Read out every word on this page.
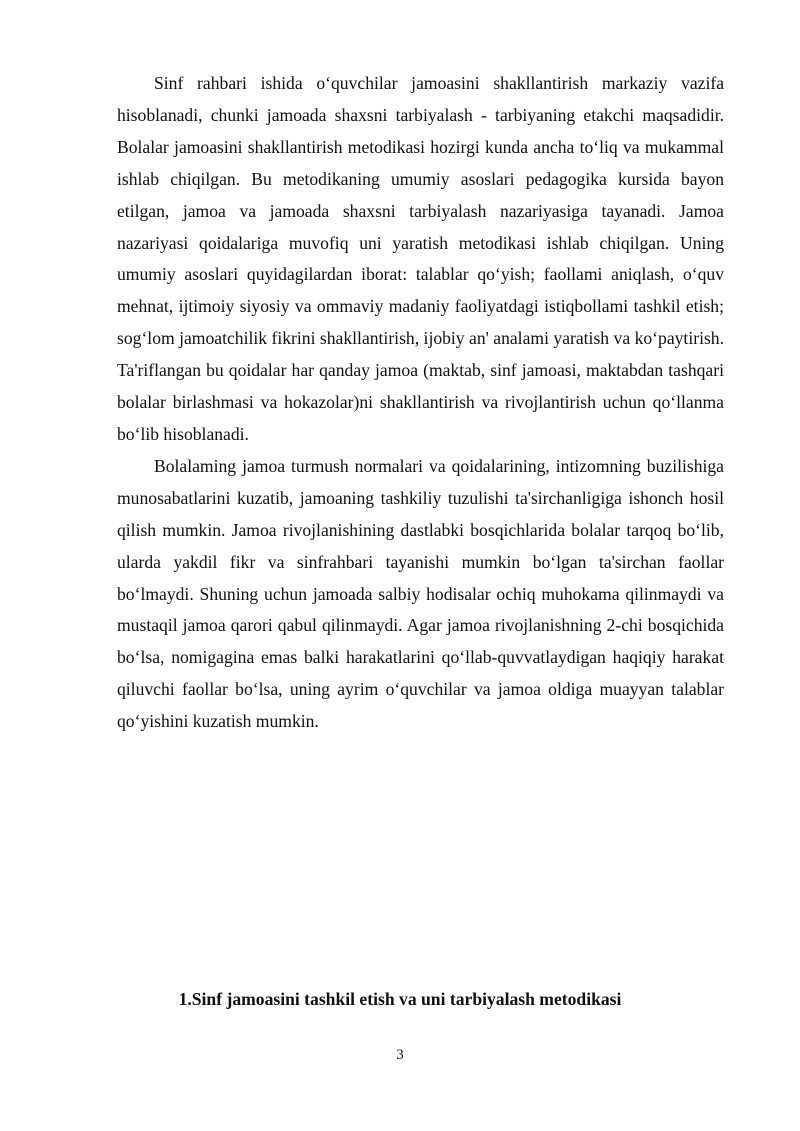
Sinf rahbari ishida o‘quvchilar jamoasini shakllantirish markaziy vazifa hisoblanadi, chunki jamoada shaxsni tarbiyalash - tarbiyaning etakchi maqsadidir. Bolalar jamoasini shakllantirish metodikasi hozirgi kunda ancha to‘liq va mukammal ishlab chiqilgan. Bu metodikaning umumiy asoslari pedagogika kursida bayon etilgan, jamoa va jamoada shaxsni tarbiyalash nazariyasiga tayanadi. Jamoa nazariyasi qoidalariga muvofiq uni yaratish metodikasi ishlab chiqilgan. Uning umumiy asoslari quyidagilardan iborat: talablar qo‘yish; faollami aniqlash, o‘quv mehnat, ijtimoiy siyosiy va ommaviy madaniy faoliyatdagi istiqbollami tashkil etish; sog‘lom jamoatchilik fikrini shakllantirish, ijobiy an' analami yaratish va ko‘paytirish. Ta'riflangan bu qoidalar har qanday jamoa (maktab, sinf jamoasi, maktabdan tashqari bolalar birlashmasi va hokazolar)ni shakllantirish va rivojlantirish uchun qo‘llanma bo‘lib hisoblanadi.

Bolalaming jamoa turmush normalari va qoidalarining, intizomning buzilishiga munosabatlarini kuzatib, jamoaning tashkiliy tuzulishi ta'sirchanligiga ishonch hosil qilish mumkin. Jamoa rivojlanishining dastlabki bosqichlarida bolalar tarqoq bo‘lib, ularda yakdil fikr va sinfrahbari tayanishi mumkin bo‘lgan ta'sirchan faollar bo‘lmaydi. Shuning uchun jamoada salbiy hodisalar ochiq muhokama qilinmaydi va mustaqil jamoa qarori qabul qilinmaydi. Agar jamoa rivojlanishning 2-chi bosqichida bo‘lsa, nomigagina emas balki harakatlarini qo‘llab-quvvatlaydigan haqiqiy harakat qiluvchi faollar bo‘lsa, uning ayrim o‘quvchilar va jamoa oldiga muayyan talablar qo‘yishini kuzatish mumkin.

1.Sinf jamoasini tashkil etish va uni tarbiyalash metodikasi

3
